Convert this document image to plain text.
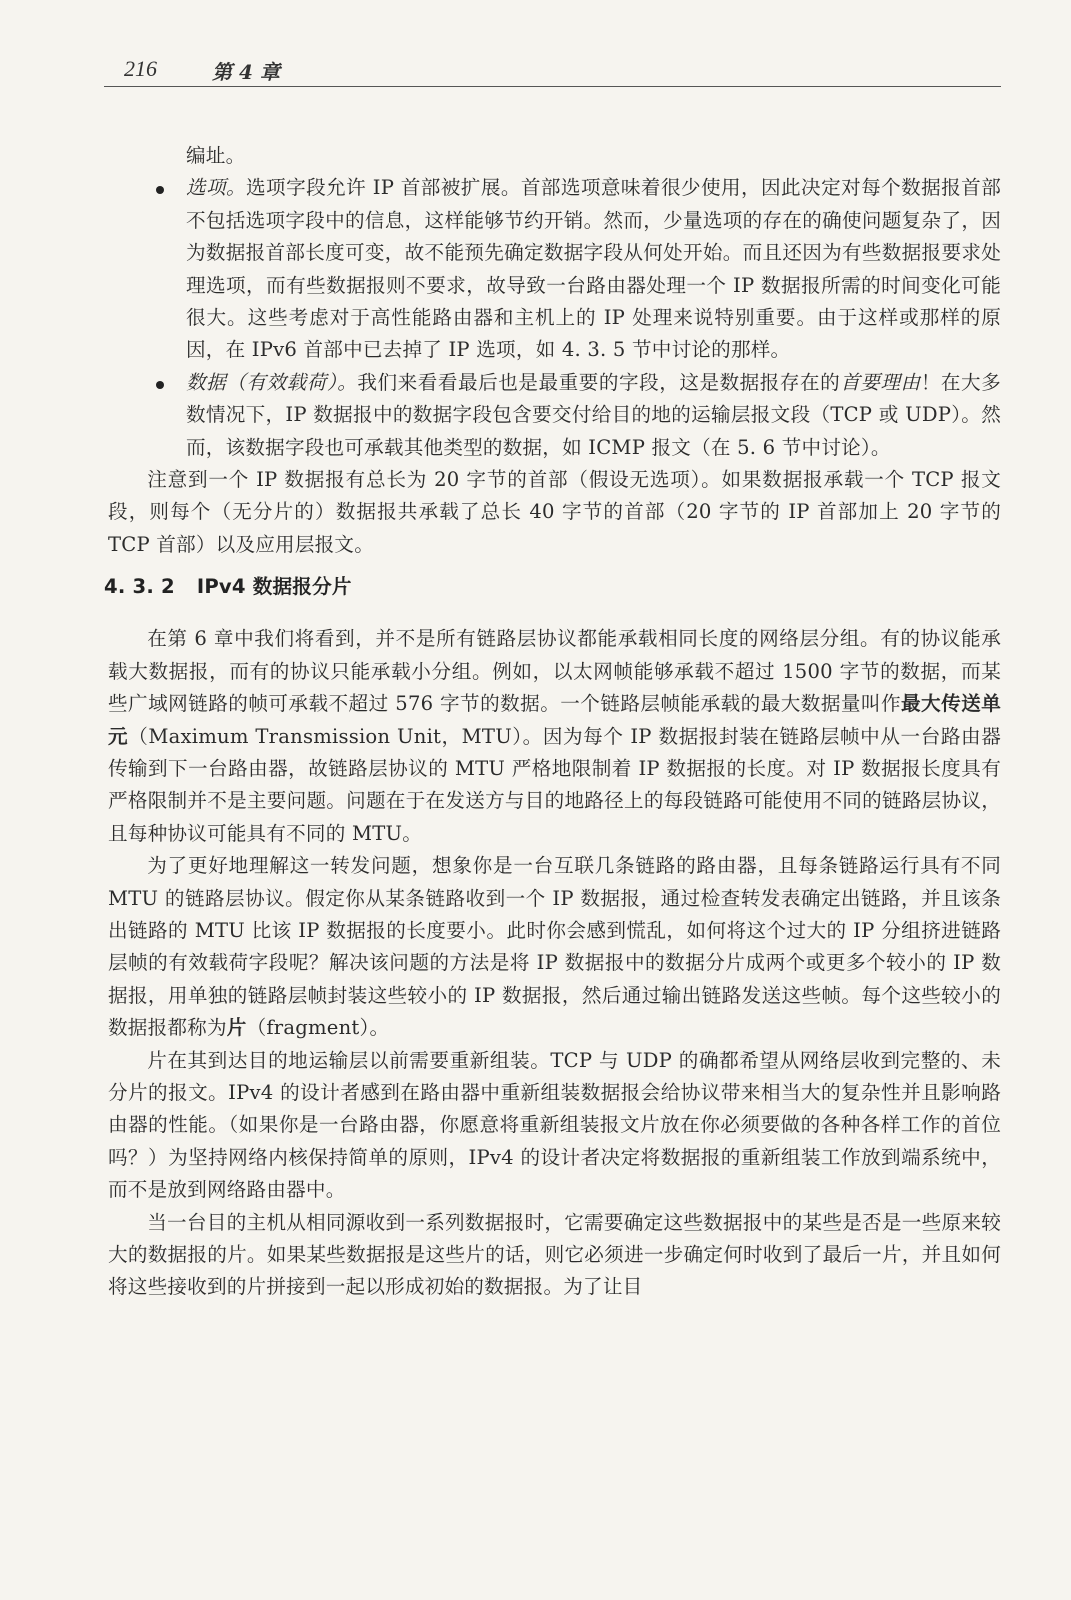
216	第 4 章

编址。

选项。选项字段允许 IP 首部被扩展。首部选项意味着很少使用，因此决定对每个数据报首部不包括选项字段中的信息，这样能够节约开销。然而，少量选项的存在的确使问题复杂了，因为数据报首部长度可变，故不能预先确定数据字段从何处开始。而且还因为有些数据报要求处理选项，而有些数据报则不要求，故导致一台路由器处理一个 IP 数据报所需的时间变化可能很大。这些考虑对于高性能路由器和主机上的 IP 处理来说特别重要。由于这样或那样的原因，在 IPv6 首部中已去掉了 IP 选项，如 4. 3. 5 节中讨论的那样。
数据（有效载荷）。我们来看看最后也是最重要的字段，这是数据报存在的首要理由！在大多数情况下，IP 数据报中的数据字段包含要交付给目的地的运输层报文段（TCP 或 UDP）。然而，该数据字段也可承载其他类型的数据，如 ICMP 报文（在 5. 6 节中讨论）。

注意到一个 IP 数据报有总长为 20 字节的首部（假设无选项）。如果数据报承载一个 TCP 报文段，则每个（无分片的）数据报共承载了总长 40 字节的首部（20 字节的 IP 首部加上 20 字节的 TCP 首部）以及应用层报文。

4. 3. 2 IPv4 数据报分片

在第 6 章中我们将看到，并不是所有链路层协议都能承载相同长度的网络层分组。有的协议能承载大数据报，而有的协议只能承载小分组。例如，以太网帧能够承载不超过 1500 字节的数据，而某些广域网链路的帧可承载不超过 576 字节的数据。一个链路层帧能承载的最大数据量叫作最大传送单元（Maximum Transmission Unit，MTU）。因为每个 IP 数据报封装在链路层帧中从一台路由器传输到下一台路由器，故链路层协议的 MTU 严格地限制着 IP 数据报的长度。对 IP 数据报长度具有严格限制并不是主要问题。问题在于在发送方与目的地路径上的每段链路可能使用不同的链路层协议，且每种协议可能具有不同的 MTU。

为了更好地理解这一转发问题，想象你是一台互联几条链路的路由器，且每条链路运行具有不同 MTU 的链路层协议。假定你从某条链路收到一个 IP 数据报，通过检查转发表确定出链路，并且该条出链路的 MTU 比该 IP 数据报的长度要小。此时你会感到慌乱，如何将这个过大的 IP 分组挤进链路层帧的有效载荷字段呢？解决该问题的方法是将 IP 数据报中的数据分片成两个或更多个较小的 IP 数据报，用单独的链路层帧封装这些较小的 IP 数据报，然后通过输出链路发送这些帧。每个这些较小的数据报都称为片（fragment）。

片在其到达目的地运输层以前需要重新组装。TCP 与 UDP 的确都希望从网络层收到完整的、未分片的报文。IPv4 的设计者感到在路由器中重新组装数据报会给协议带来相当大的复杂性并且影响路由器的性能。（如果你是一台路由器，你愿意将重新组装报文片放在你必须要做的各种各样工作的首位吗？）为坚持网络内核保持简单的原则，IPv4 的设计者决定将数据报的重新组装工作放到端系统中，而不是放到网络路由器中。

当一台目的主机从相同源收到一系列数据报时，它需要确定这些数据报中的某些是否是一些原来较大的数据报的片。如果某些数据报是这些片的话，则它必须进一步确定何时收到了最后一片，并且如何将这些接收到的片拼接到一起以形成初始的数据报。为了让目
